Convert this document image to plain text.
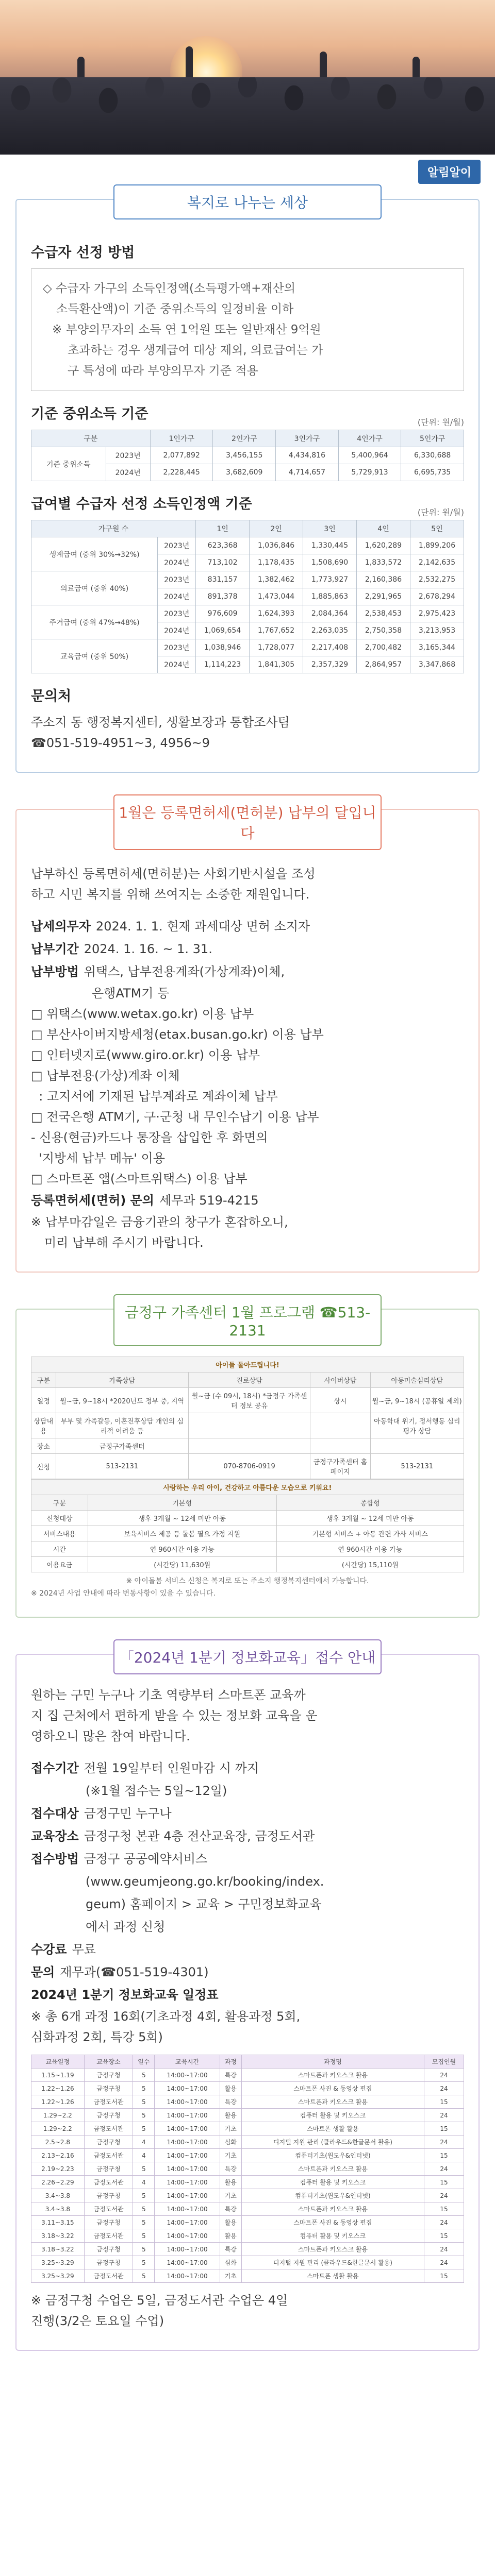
알림알이
복지로 나누는 세상
수급자 선정 방법
◇ 수급자 가구의 소득인정액(소득평가액+재산의
소득환산액)이 기준 중위소득의 일정비율 이하
※ 부양의무자의 소득 연 1억원 또는 일반재산 9억원
초과하는 경우 생계급여 대상 제외, 의료급여는 가
구 특성에 따라 부양의무자 기준 적용
기준 중위소득 기준
(단위: 원/월)
구분		1인가구	2인가구	3인가구	4인가구	5인가구
기준 중위소득	2023년	2,077,892	3,456,155	4,434,816	5,400,964	6,330,688
	2024년	2,228,445	3,682,609	4,714,657	5,729,913	6,695,735
급여별 수급자 선정 소득인정액 기준
(단위: 원/월)
가구원 수		1인	2인	3인	4인	5인
생계급여 (중위 30%→32%)	2023년	623,368	1,036,846	1,330,445	1,620,289	1,899,206
	2024년	713,102	1,178,435	1,508,690	1,833,572	2,142,635
의료급여 (중위 40%)	2023년	831,157	1,382,462	1,773,927	2,160,386	2,532,275
	2024년	891,378	1,473,044	1,885,863	2,291,965	2,678,294
주거급여 (중위 47%→48%)	2023년	976,609	1,624,393	2,084,364	2,538,453	2,975,423
	2024년	1,069,654	1,767,652	2,263,035	2,750,358	3,213,953
교육급여 (중위 50%)	2023년	1,038,946	1,728,077	2,217,408	2,700,482	3,165,344
	2024년	1,114,223	1,841,305	2,357,329	2,864,957	3,347,868
문의처
주소지 동 행정복지센터, 생활보장과 통합조사팀
☎051-519-4951~3, 4956~9
1월은 등록면허세(면허분) 납부의 달입니다
납부하신 등록면허세(면허분)는 사회기반시설을 조성
하고 시민 복지를 위해 쓰여지는 소중한 재원입니다.
납세의무자 2024. 1. 1. 현재 과세대상 면허 소지자
납부기간 2024. 1. 16. ~ 1. 31.
납부방법 위택스, 납부전용계좌(가상계좌)이체,
은행ATM기 등
□ 위택스(www.wetax.go.kr) 이용 납부
□ 부산사이버지방세청(etax.busan.go.kr) 이용 납부
□ 인터넷지로(www.giro.or.kr) 이용 납부
□ 납부전용(가상)계좌 이체
: 고지서에 기재된 납부계좌로 계좌이체 납부
□ 전국은행 ATM기, 구·군청 내 무인수납기 이용 납부
- 신용(현금)카드나 통장을 삽입한 후 화면의
'지방세 납부 메뉴' 이용
□ 스마트폰 앱(스마트위택스) 이용 납부
등록면허세(면허) 문의 세무과 519-4215
※ 납부마감일은 금융기관의 창구가 혼잡하오니,
미리 납부해 주시기 바랍니다.
금정구 가족센터 1월 프로그램 ☎513-2131
아이들 돌아드립니다!				
구분	가족상담	진로상담	사이버상담	아동미술심리상담
일정	월~금, 9~18시 *2020년도 정부 중, 지역	월~금 (수 09시, 18시) *금정구 가족센터 정보 공유	상시	월~금, 9~18시 (공휴일 제외)
상담내용	부부 및 가족갈등, 이혼전후상담 개인의 심리적 어려움 등			아동학대 위기, 정서행동 심리평가 상담
장소	금정구가족센터			
신청	513-2131	070-8706-0919	금정구가족센터 홈페이지	513-2131
사랑하는 우리 아이, 건강하고 아름다운 모습으로 키워요!		
구분	기본형	종합형
신청대상	생후 3개월 ~ 12세 미만 아동	생후 3개월 ~ 12세 미만 아동
서비스내용	보육서비스 제공 등 돌봄 필요 가정 지원	기본형 서비스 + 아동 관련 가사 서비스
시간	연 960시간 이용 가능	연 960시간 이용 가능
이용요금	(시간당) 11,630원	(시간당) 15,110원
※ 아이돌봄 서비스 신청은 복지로 또는 주소지 행정복지센터에서 가능합니다.
※ 2024년 사업 안내에 따라 변동사항이 있을 수 있습니다.
「2024년 1분기 정보화교육」접수 안내
원하는 구민 누구나 기초 역량부터 스마트폰 교육까
지 집 근처에서 편하게 받을 수 있는 정보화 교육을 운
영하오니 많은 참여 바랍니다.
접수기간 전월 19일부터 인원마감 시 까지
(※1월 접수는 5일~12일)
접수대상 금정구민 누구나
교육장소 금정구청 본관 4층 전산교육장, 금정도서관
접수방법 금정구 공공예약서비스
(www.geumjeong.go.kr/booking/index.
geum) 홈페이지 > 교육 > 구민정보화교육
에서 과정 신청
수강료 무료
문의 재무과(☎051-519-4301)
2024년 1분기 정보화교육 일정표
※ 총 6개 과정 16회(기초과정 4회, 활용과정 5회,
심화과정 2회, 특강 5회)
교육일정	교육장소	일수	교육시간	과정	과정명	모집인원
1.15~1.19	금정구청	5	14:00~17:00	특강	스마트폰과 키오스크 활용	24
1.22~1.26	금정구청	5	14:00~17:00	활용	스마트폰 사진 & 동영상 편집	24
1.22~1.26	금정도서관	5	14:00~17:00	특강	스마트폰과 키오스크 활용	15
1.29~2.2	금정구청	5	14:00~17:00	활용	컴퓨터 활용 및 키오스크	24
1.29~2.2	금정도서관	5	14:00~17:00	기초	스마트폰 생활 활용	15
2.5~2.8	금정구청	4	14:00~17:00	심화	디지털 지원 관리 (클라우드&한글문서 활용)	24
2.13~2.16	금정도서관	4	14:00~17:00	기초	컴퓨터기초(윈도우&인터넷)	15
2.19~2.23	금정구청	5	14:00~17:00	특강	스마트폰과 키오스크 활용	24
2.26~2.29	금정도서관	4	14:00~17:00	활용	컴퓨터 활용 및 키오스크	15
3.4~3.8	금정구청	5	14:00~17:00	기초	컴퓨터기초(윈도우&인터넷)	24
3.4~3.8	금정도서관	5	14:00~17:00	특강	스마트폰과 키오스크 활용	15
3.11~3.15	금정구청	5	14:00~17:00	활용	스마트폰 사진 & 동영상 편집	24
3.18~3.22	금정도서관	5	14:00~17:00	활용	컴퓨터 활용 및 키오스크	15
3.18~3.22	금정구청	5	14:00~17:00	특강	스마트폰과 키오스크 활용	24
3.25~3.29	금정구청	5	14:00~17:00	심화	디지털 지원 관리 (클라우드&한글문서 활용)	24
3.25~3.29	금정도서관	5	14:00~17:00	기초	스마트폰 생활 활용	15
※ 금정구청 수업은 5일, 금정도서관 수업은 4일
진행(3/2은 토요일 수업)
